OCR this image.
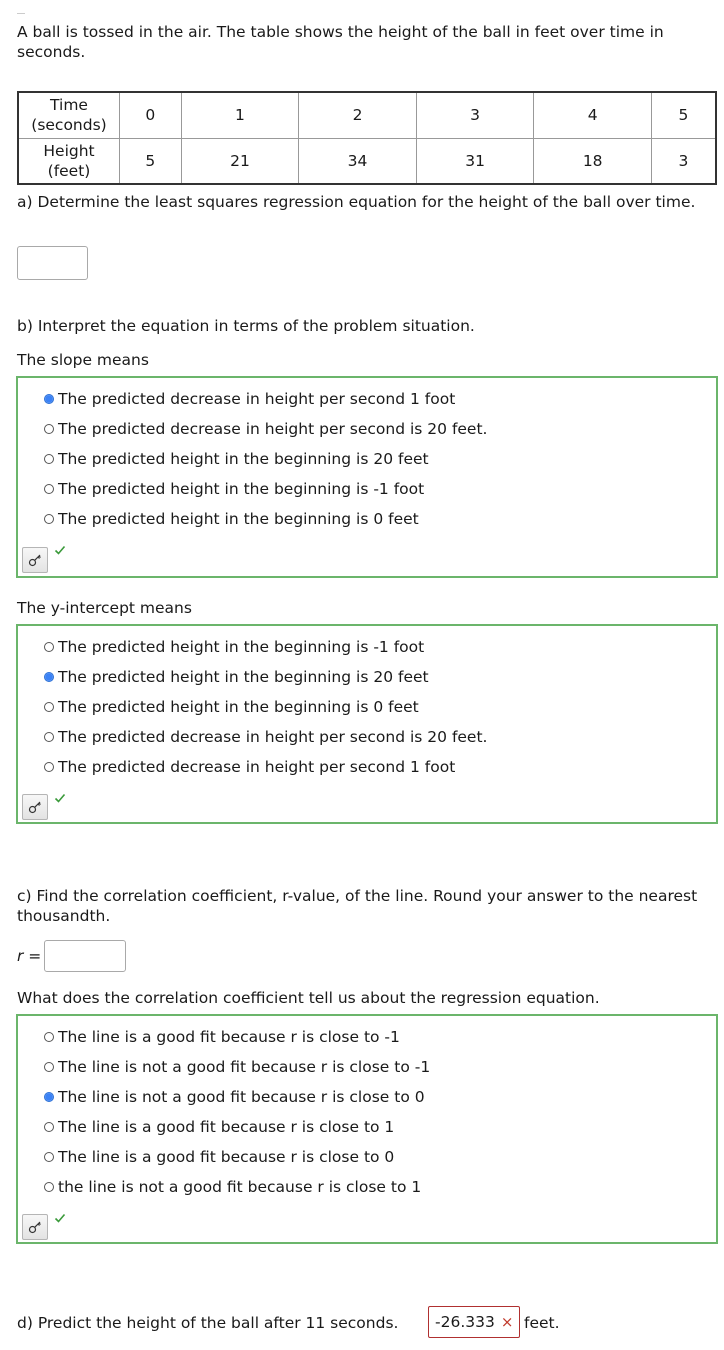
A ball is tossed in the air. The table shows the height of the ball in feet over time in seconds.

Time
(seconds)	0	1	2	3	4	5
Height
(feet)	5	21	34	31	18	3

a) Determine the least squares regression equation for the height of the ball over time.

b) Interpret the equation in terms of the problem situation.
The slope means
The predicted decrease in height per second 1 foot
The predicted decrease in height per second is 20 feet.
The predicted height in the beginning is 20 feet
The predicted height in the beginning is -1 foot
The predicted height in the beginning is 0 feet
The y-intercept means
The predicted height in the beginning is -1 foot
The predicted height in the beginning is 20 feet
The predicted height in the beginning is 0 feet
The predicted decrease in height per second is 20 feet.
The predicted decrease in height per second 1 foot

c) Find the correlation coefficient, r-value, of the line. Round your answer to the nearest thousandth.

r =
What does the correlation coefficient tell us about the regression equation.
The line is a good fit because r is close to -1
The line is not a good fit because r is close to -1
The line is not a good fit because r is close to 0
The line is a good fit because r is close to 1
The line is a good fit because r is close to 0
the line is not a good fit because r is close to 1
d) Predict the height of the ball after 11 seconds. -26.333 × feet.
